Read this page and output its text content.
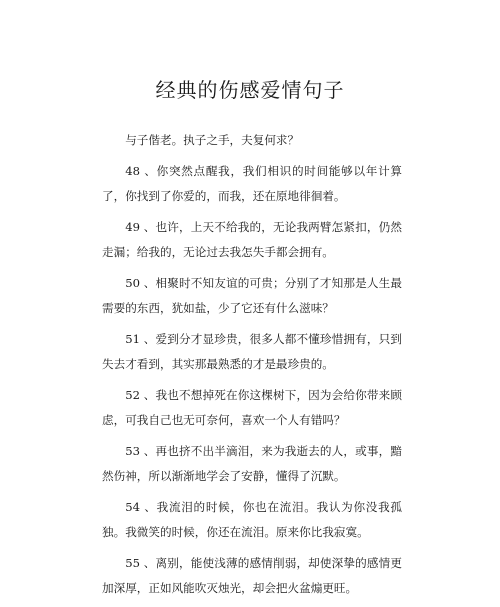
经典的伤感爱情句子

与子偕老。执子之手，夫复何求？

48 、你突然点醒我，我们相识的时间能够以年计算了，你找到了你爱的，而我，还在原地徘徊着。

49 、也许，上天不给我的，无论我两臂怎紧扣，仍然走漏；给我的，无论过去我怎失手都会拥有。

50 、相聚时不知友谊的可贵；分别了才知那是人生最需要的东西，犹如盐，少了它还有什么滋味？

51 、爱到分才显珍贵，很多人都不懂珍惜拥有，只到失去才看到，其实那最熟悉的才是最珍贵的。

52 、我也不想掉死在你这棵树下，因为会给你带来顾虑，可我自己也无可奈何，喜欢一个人有错吗？

53 、再也挤不出半滴泪，来为我逝去的人，或事，黯然伤神，所以渐渐地学会了安静，懂得了沉默。

54 、我流泪的时候，你也在流泪。我认为你没我孤独。我微笑的时候，你还在流泪。原来你比我寂寞。

55 、离别，能使浅薄的感情削弱，却使深挚的感情更加深厚，正如风能吹灭烛光，却会把火盆煽更旺。
